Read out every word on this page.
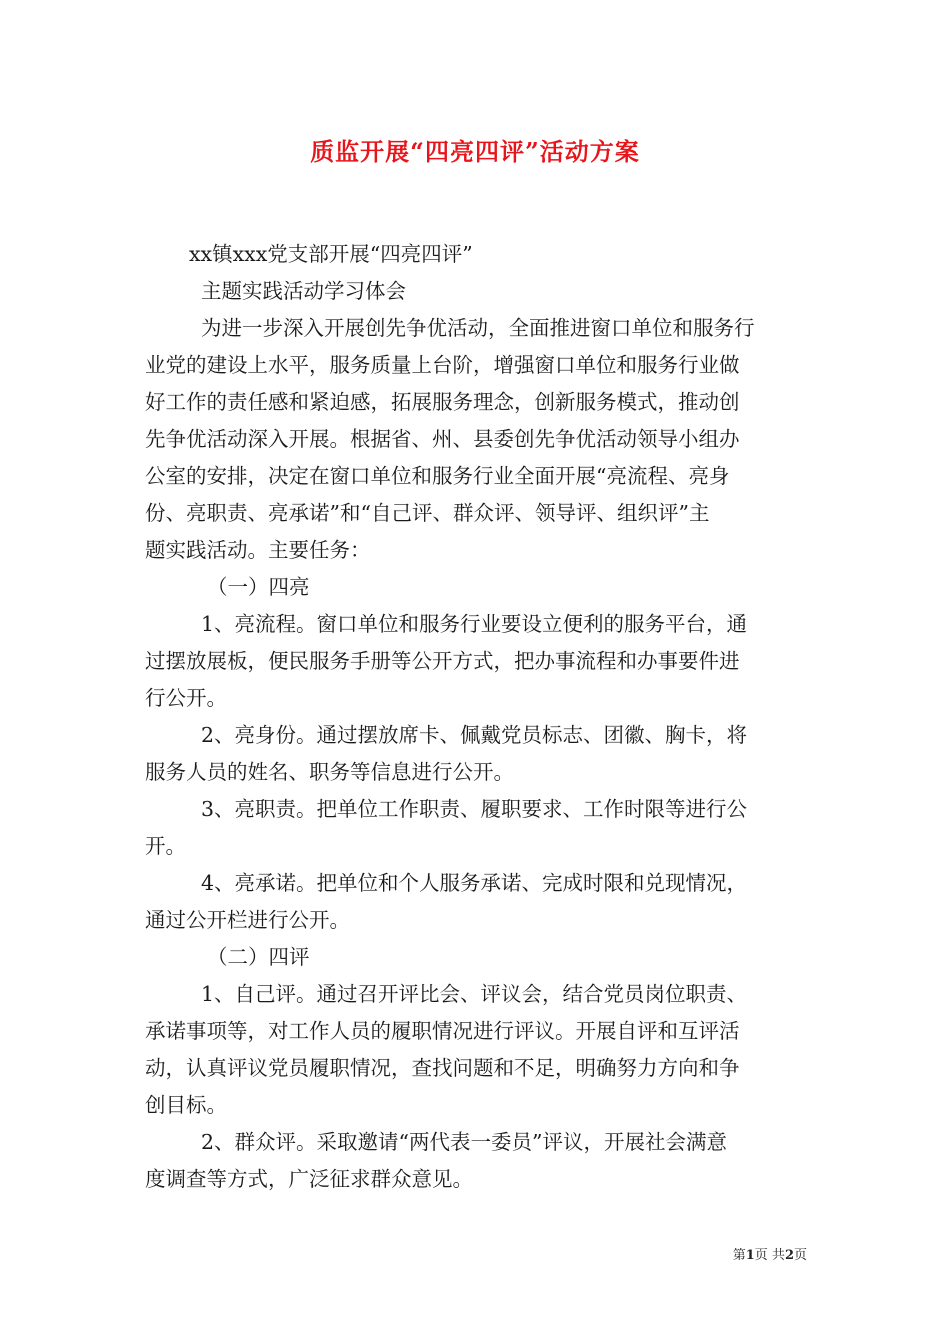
质监开展“四亮四评”活动方案
xx镇xxx党支部开展“四亮四评”
主题实践活动学习体会
为进一步深入开展创先争优活动，全面推进窗口单位和服务行
业党的建设上水平，服务质量上台阶，增强窗口单位和服务行业做
好工作的责任感和紧迫感，拓展服务理念，创新服务模式，推动创
先争优活动深入开展。根据省、州、县委创先争优活动领导小组办
公室的安排，决定在窗口单位和服务行业全面开展“亮流程、亮身
份、亮职责、亮承诺”和“自己评、群众评、领导评、组织评”主
题实践活动。主要任务：
（一）四亮
1、亮流程。窗口单位和服务行业要设立便利的服务平台，通
过摆放展板，便民服务手册等公开方式，把办事流程和办事要件进
行公开。
2、亮身份。通过摆放席卡、佩戴党员标志、团徽、胸卡，将
服务人员的姓名、职务等信息进行公开。
3、亮职责。把单位工作职责、履职要求、工作时限等进行公
开。
4、亮承诺。把单位和个人服务承诺、完成时限和兑现情况，
通过公开栏进行公开。
（二）四评
1、自己评。通过召开评比会、评议会，结合党员岗位职责、
承诺事项等，对工作人员的履职情况进行评议。开展自评和互评活
动，认真评议党员履职情况，查找问题和不足，明确努力方向和争
创目标。
2、群众评。采取邀请“两代表一委员”评议，开展社会满意
度调查等方式，广泛征求群众意见。
第1页 共2页
